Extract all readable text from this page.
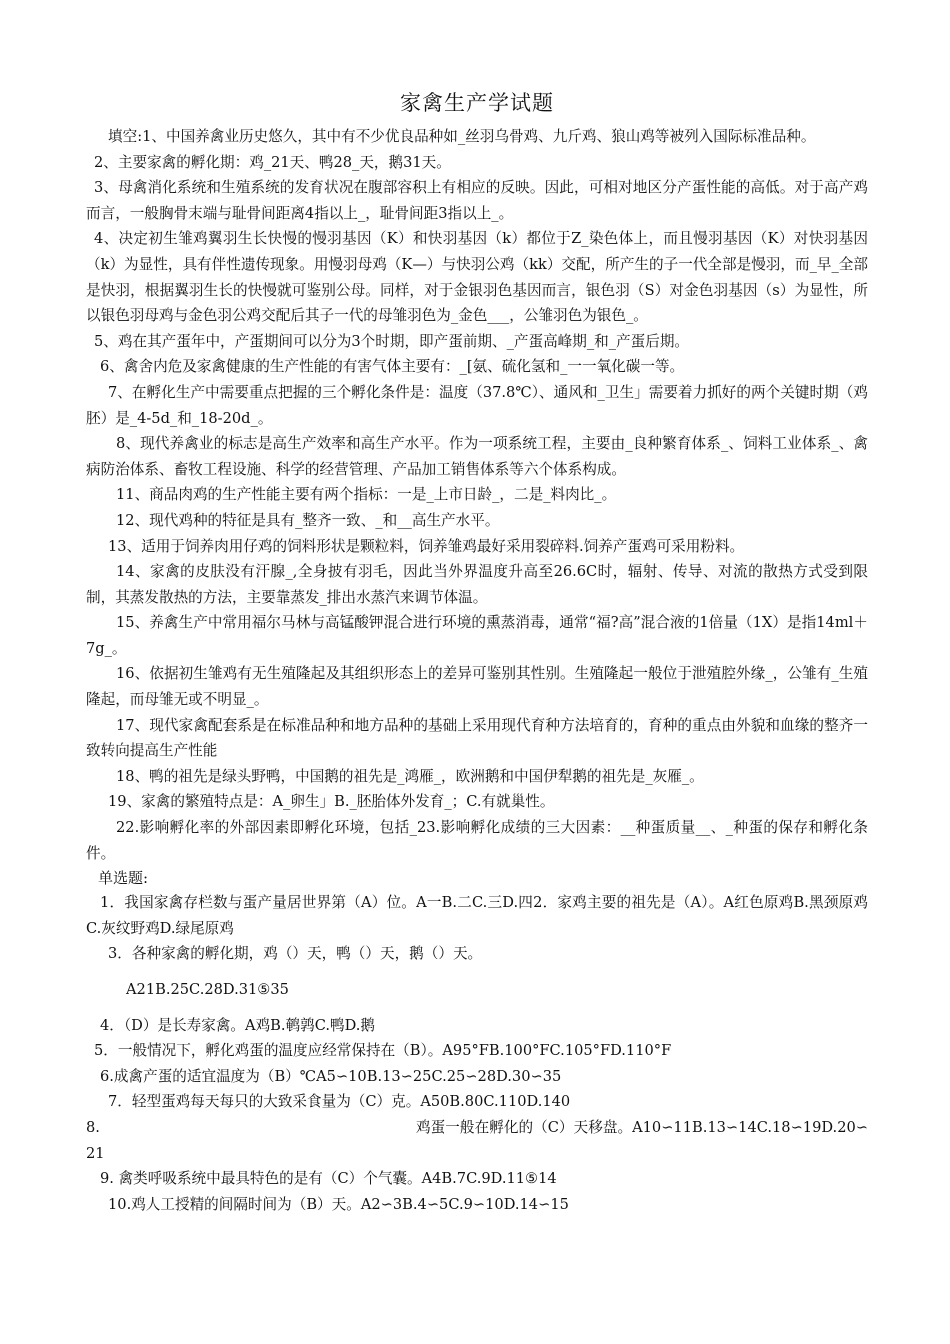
家禽生产学试题

填空:1、中国养禽业历史悠久，其中有不少优良品种如_丝羽乌骨鸡、九斤鸡、狼山鸡等被列入国际标准品种。

2、主要家禽的孵化期：鸡_21天、鸭28_天，鹅31天。

3、母禽消化系统和生殖系统的发育状况在腹部容积上有相应的反映。因此，可相对地区分产蛋性能的高低。对于高产鸡而言，一般胸骨末端与耻骨间距离4指以上_，耻骨间距3指以上_。

4、决定初生雏鸡翼羽生长快慢的慢羽基因（K）和快羽基因（k）都位于Z_染色体上，而且慢羽基因（K）对快羽基因（k）为显性，具有伴性遗传现象。用慢羽母鸡（K—）与快羽公鸡（kk）交配，所产生的子一代全部是慢羽，而_早_全部是快羽，根据翼羽生长的快慢就可鉴别公母。同样，对于金银羽色基因而言，银色羽（S）对金色羽基因（s）为显性，所以银色羽母鸡与金色羽公鸡交配后其子一代的母雏羽色为_金色___，公雏羽色为银色_。

5、鸡在其产蛋年中，产蛋期间可以分为3个时期，即产蛋前期、_产蛋高峰期_和_产蛋后期。

6、禽舍内危及家禽健康的生产性能的有害气体主要有：_[氨、硫化氢和_一一氧化碳一等。

7、在孵化生产中需要重点把握的三个孵化条件是：温度（37.8℃）、通风和_卫生」需要着力抓好的两个关键时期（鸡胚）是_4-5d_和_18-20d_。

8、现代养禽业的标志是高生产效率和高生产水平。作为一项系统工程，主要由_良种繁育体系_、饲料工业体系_、禽病防治体系、畜牧工程设施、科学的经营管理、产品加工销售体系等六个体系构成。

11、商品肉鸡的生产性能主要有两个指标：一是_上市日龄_，二是_料肉比_。

12、现代鸡种的特征是具有_整齐一致、_和__高生产水平。

13、适用于饲养肉用仔鸡的饲料形状是颗粒料，饲养雏鸡最好采用裂碎料.饲养产蛋鸡可采用粉料。

14、家禽的皮肤没有汗腺_,全身披有羽毛，因此当外界温度升高至26.6C时，辐射、传导、对流的散热方式受到限制，其蒸发散热的方法，主要靠蒸发_排出水蒸汽来调节体温。

15、养禽生产中常用福尔马林与高锰酸钾混合进行环境的熏蒸消毒，通常“福?高”混合液的1倍量（1X）是指14ml＋7g_。

16、依据初生雏鸡有无生殖隆起及其组织形态上的差异可鉴别其性别。生殖隆起一般位于泄殖腔外缘_，公雏有_生殖隆起，而母雏无或不明显_。

17、现代家禽配套系是在标准品种和地方品种的基础上采用现代育种方法培育的，育种的重点由外貌和血缘的整齐一致转向提高生产性能

18、鸭的祖先是绿头野鸭，中国鹅的祖先是_鸿雁_，欧洲鹅和中国伊犁鹅的祖先是_灰雁_。

19、家禽的繁殖特点是：A_卵生」B._胚胎体外发育_；C.有就巢性。

22.影响孵化率的外部因素即孵化环境，包括_23.影响孵化成绩的三大因素：__种蛋质量__、_种蛋的保存和孵化条件。

单选题:

1．我国家禽存栏数与蛋产量居世界第（A）位。A一B.二C.三D.四2．家鸡主要的祖先是（A）。A红色原鸡B.黑颈原鸡C.灰纹野鸡D.绿尾原鸡

3．各种家禽的孵化期，鸡（）天，鸭（）天，鹅（）天。

A21B.25C.28D.31⑤35

4．（D）是长寿家禽。A鸡B.鹌鹑C.鸭D.鹅

5．一般情况下，孵化鸡蛋的温度应经常保持在（B）。A95°FB.100°FC.105°FD.110°F

6.成禽产蛋的适宜温度为（B）℃A5∽10B.13∽25C.25∽28D.30∽35

7．轻型蛋鸡每天每只的大致采食量为（C）克。A50B.80C.110D.140

8.	鸡蛋一般在孵化的（C）天移盘。A10∽11B.13∽14C.18∽19D.20∽21

9. 禽类呼吸系统中最具特色的是有（C）个气囊。A4B.7C.9D.11⑤14

10.鸡人工授精的间隔时间为（B）天。A2∽3B.4∽5C.9∽10D.14∽15
